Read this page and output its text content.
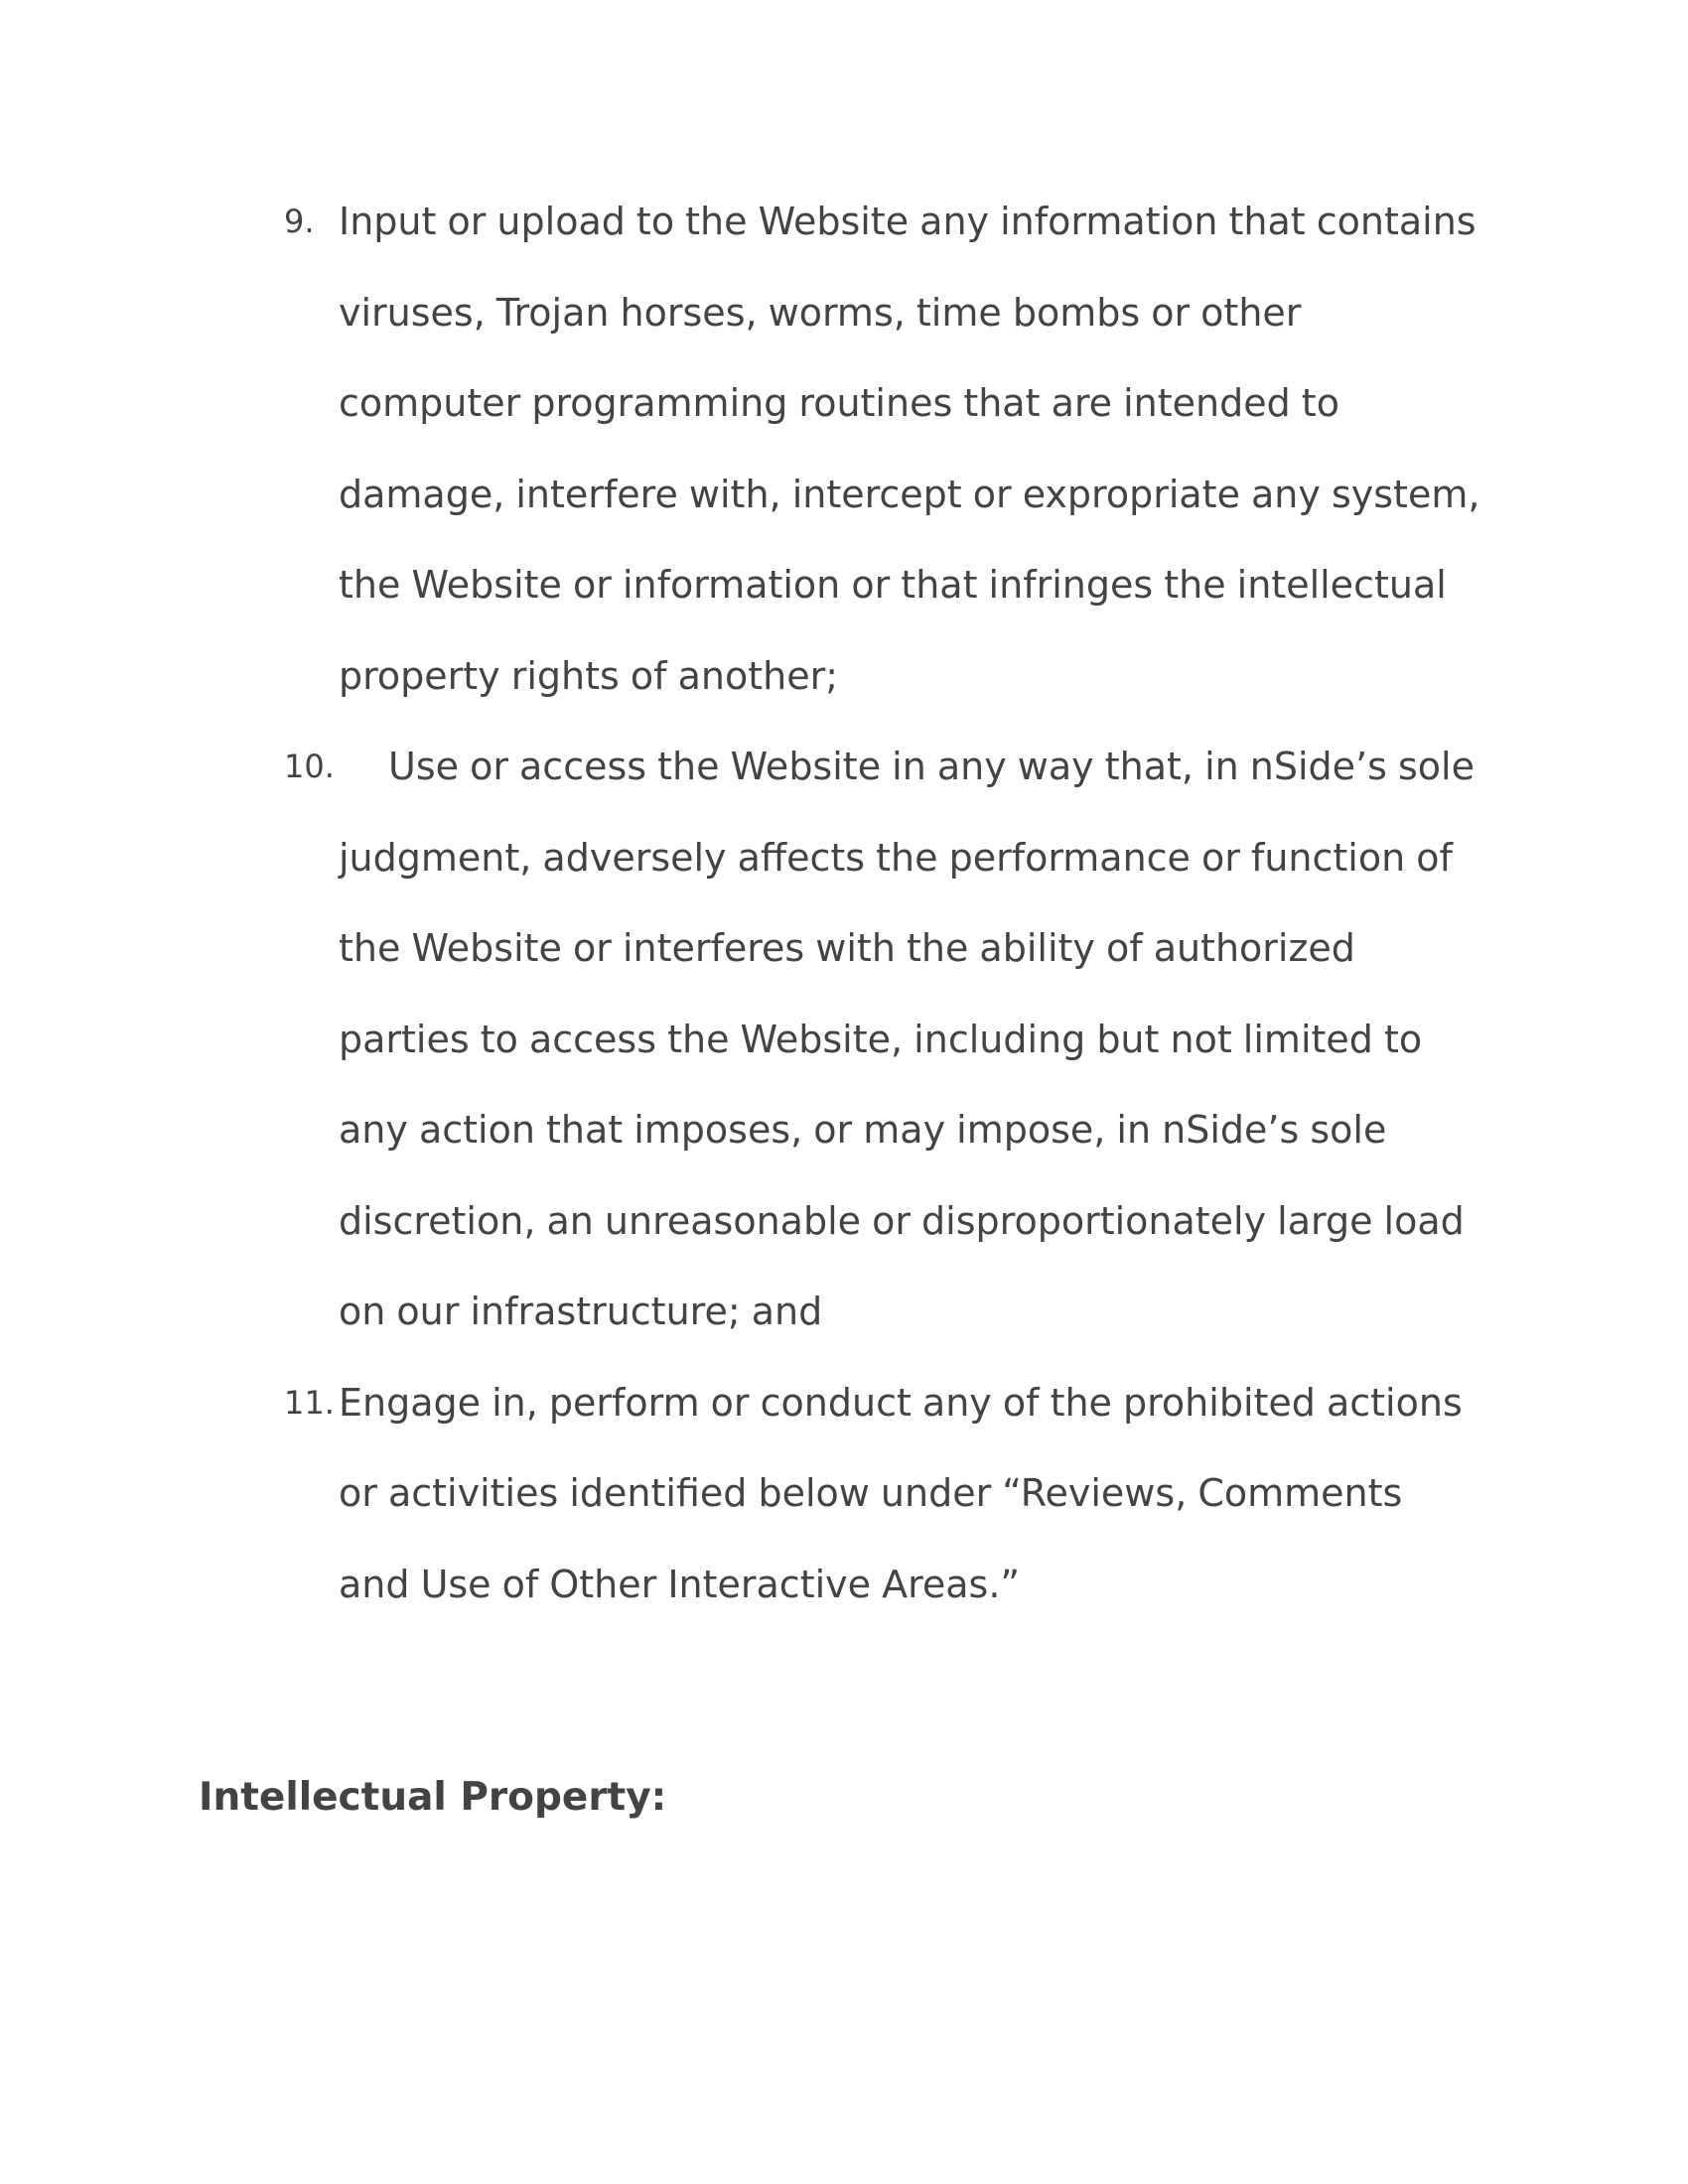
9. Input or upload to the Website any information that contains
viruses, Trojan horses, worms, time bombs or other
computer programming routines that are intended to
damage, interfere with, intercept or expropriate any system,
the Website or information or that infringes the intellectual
property rights of another;
10.	Use or access the Website in any way that, in nSide’s sole
judgment, adversely affects the performance or function of
the Website or interferes with the ability of authorized
parties to access the Website, including but not limited to
any action that imposes, or may impose, in nSide’s sole
discretion, an unreasonable or disproportionately large load
on our infrastructure; and
11. Engage in, perform or conduct any of the prohibited actions
or activities identified below under “Reviews, Comments
and Use of Other Interactive Areas.”
Intellectual Property:
